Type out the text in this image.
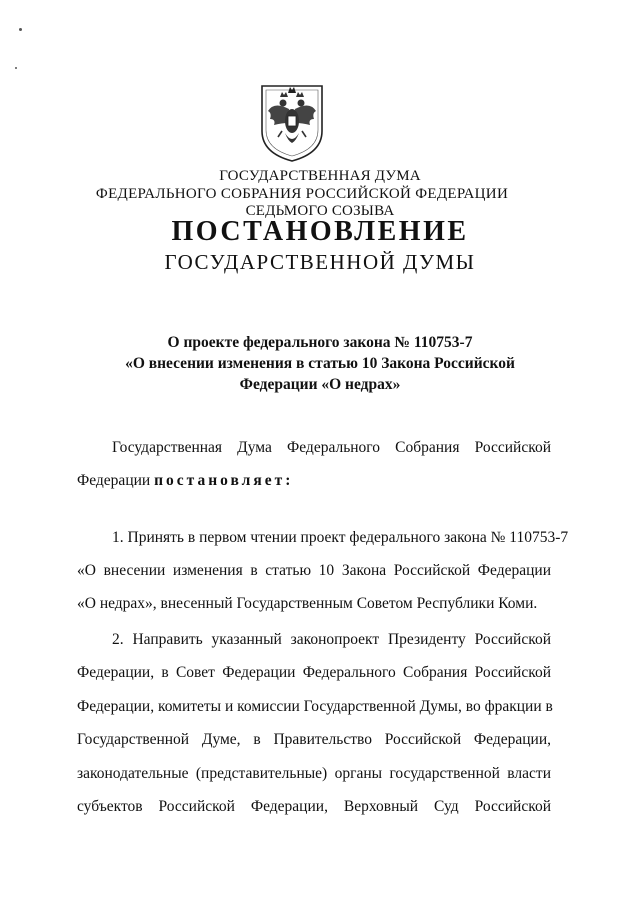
ГОСУДАРСТВЕННАЯ ДУМА
ФЕДЕРАЛЬНОГО СОБРАНИЯ РОССИЙСКОЙ ФЕДЕРАЦИИ
СЕДЬМОГО СОЗЫВА
ПОСТАНОВЛЕНИЕ
ГОСУДАРСТВЕННОЙ ДУМЫ
О проекте федерального закона № 110753-7
«О внесении изменения в статью 10 Закона Российской
Федерации «О недрах»
Государственная Дума Федерального Собрания Российской
Федерации постановляет:
1. Принять в первом чтении проект федерального закона № 110753-7
«О внесении изменения в статью 10 Закона Российской Федерации
«О недрах», внесенный Государственным Советом Республики Коми.
2. Направить указанный законопроект Президенту Российской
Федерации, в Совет Федерации Федерального Собрания Российской
Федерации, комитеты и комиссии Государственной Думы, во фракции в
Государственной Думе, в Правительство Российской Федерации,
законодательные (представительные) органы государственной власти
субъектов Российской Федерации, Верховный Суд Российской
